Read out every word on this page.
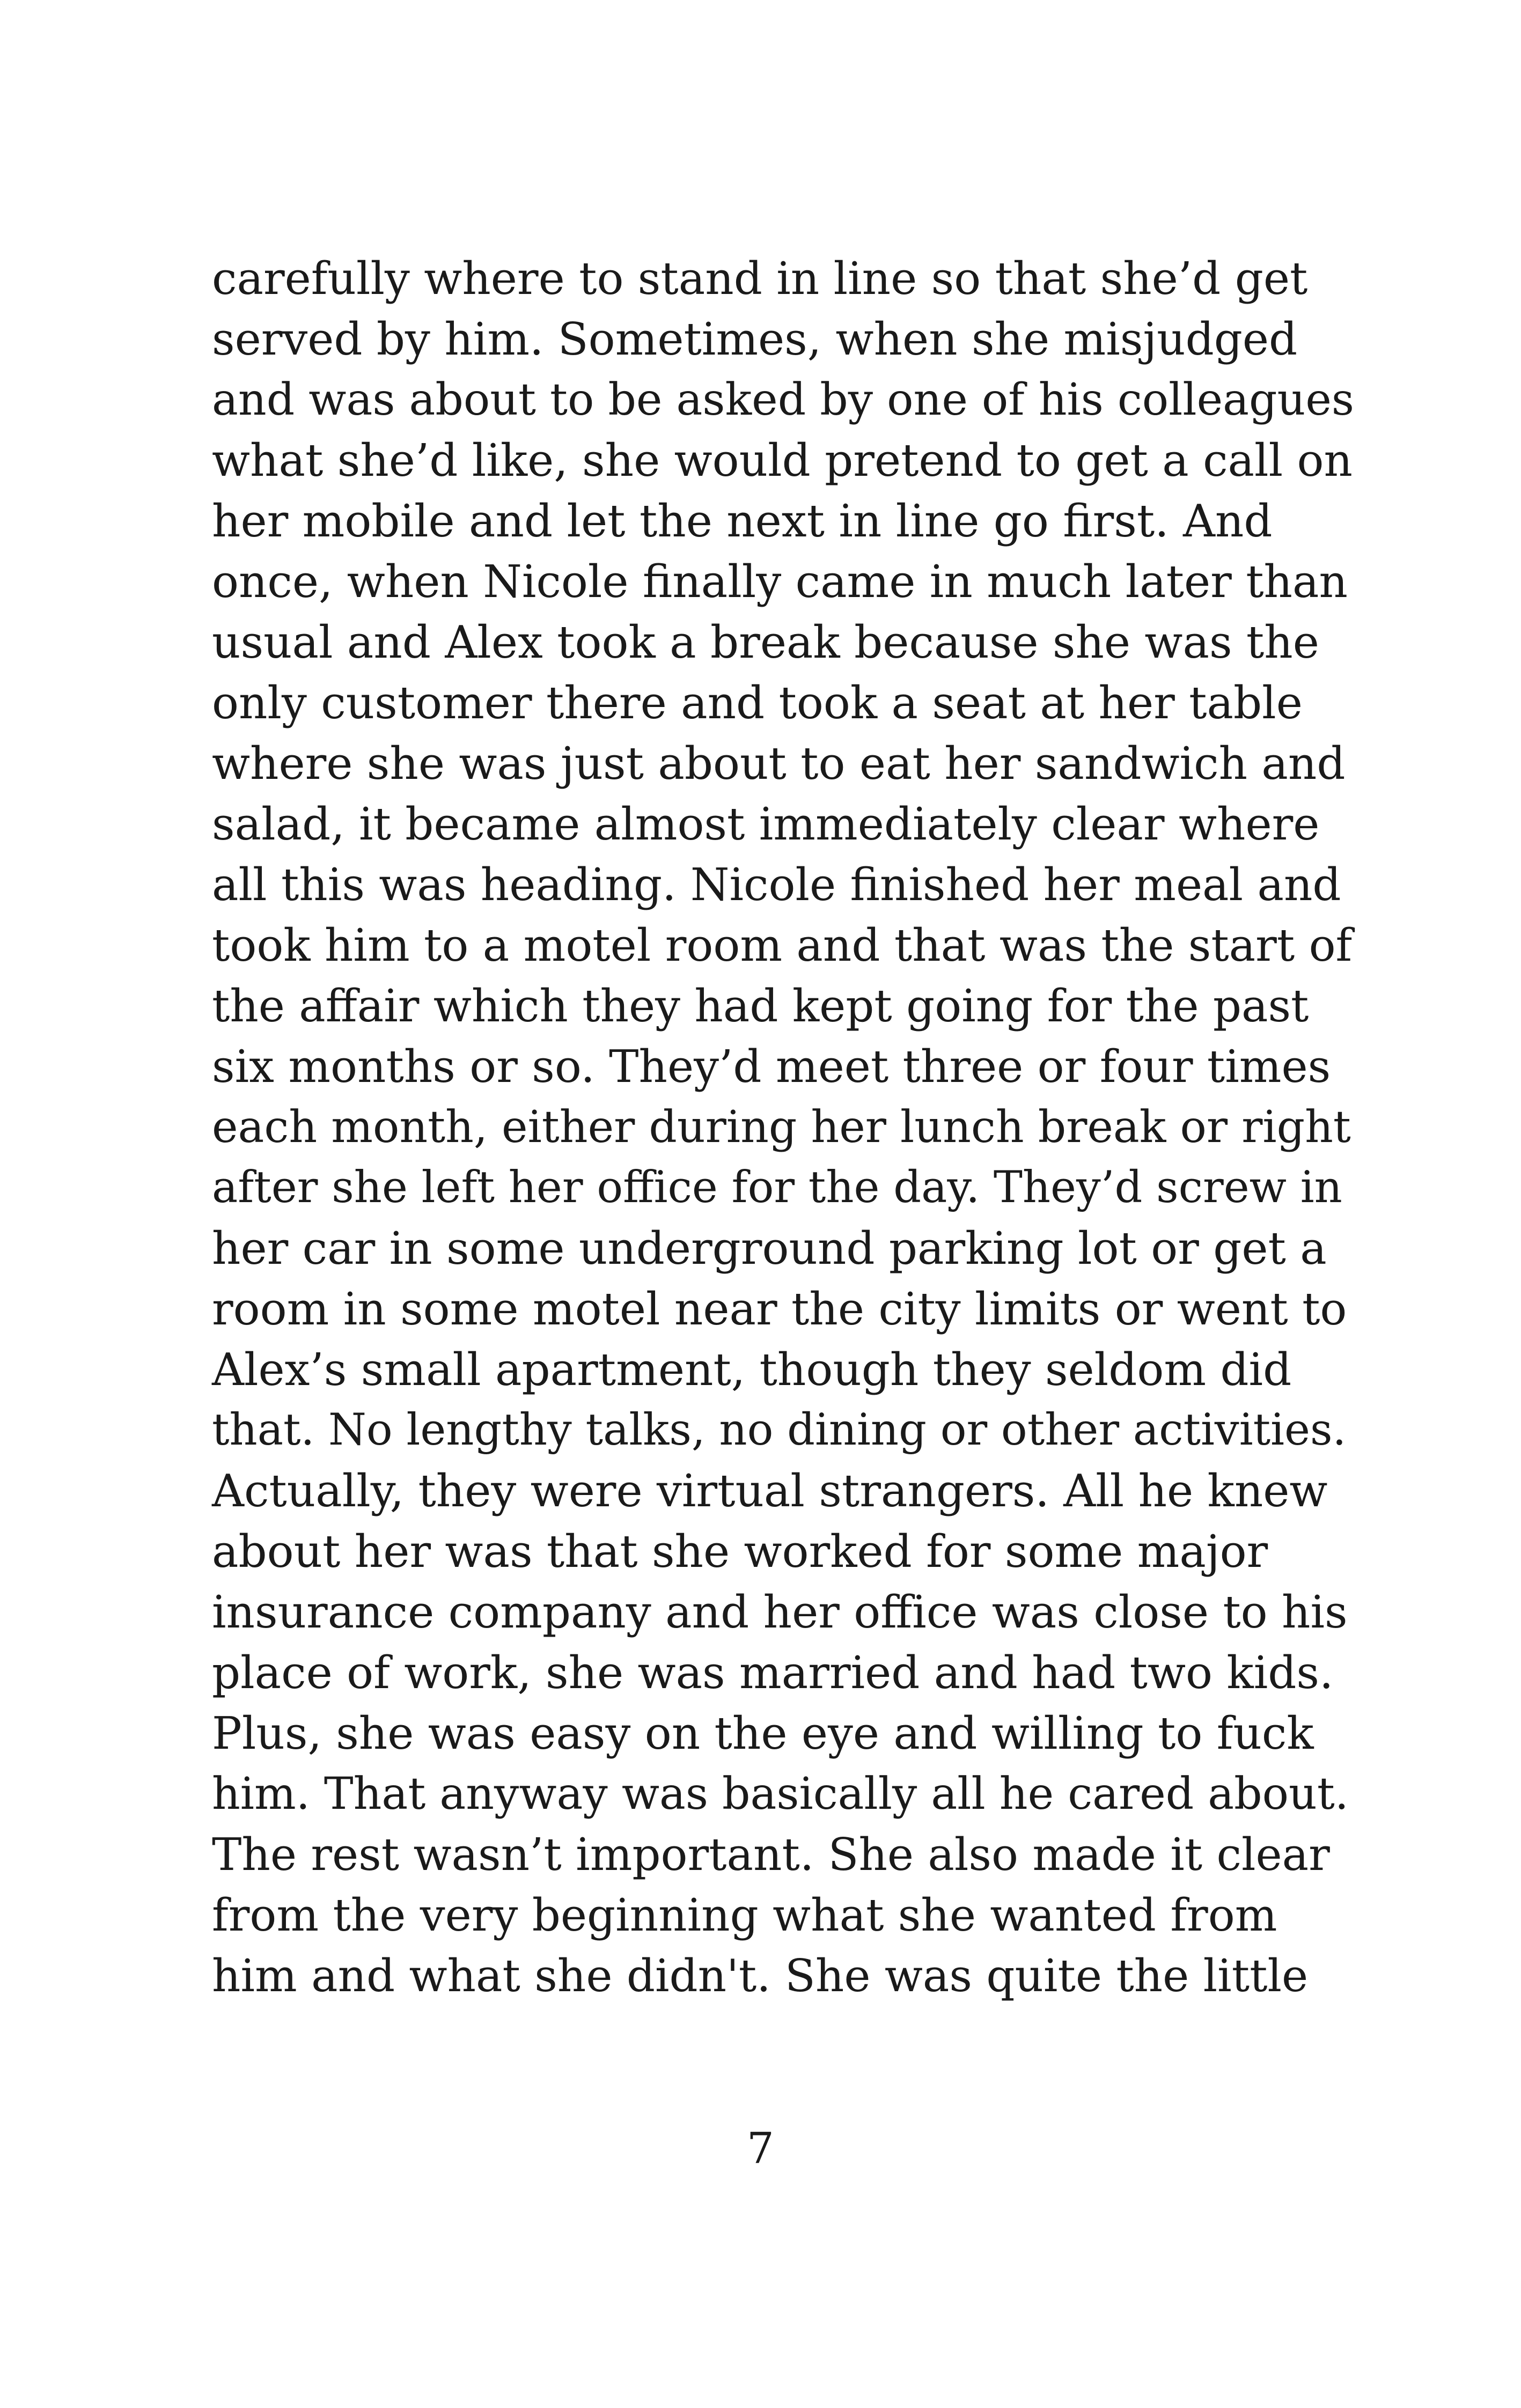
carefully where to stand in line so that she’d get
served by him. Sometimes, when she misjudged
and was about to be asked by one of his colleagues
what she’d like, she would pretend to get a call on
her mobile and let the next in line go first. And
once, when Nicole finally came in much later than
usual and Alex took a break because she was the
only customer there and took a seat at her table
where she was just about to eat her sandwich and
salad, it became almost immediately clear where
all this was heading. Nicole finished her meal and
took him to a motel room and that was the start of
the affair which they had kept going for the past
six months or so. They’d meet three or four times
each month, either during her lunch break or right
after she left her office for the day. They’d screw in
her car in some underground parking lot or get a
room in some motel near the city limits or went to
Alex’s small apartment, though they seldom did
that. No lengthy talks, no dining or other activities.
Actually, they were virtual strangers. All he knew
about her was that she worked for some major
insurance company and her office was close to his
place of work, she was married and had two kids.
Plus, she was easy on the eye and willing to fuck
him. That anyway was basically all he cared about.
The rest wasn’t important. She also made it clear
from the very beginning what she wanted from
him and what she didn't. She was quite the little
7
